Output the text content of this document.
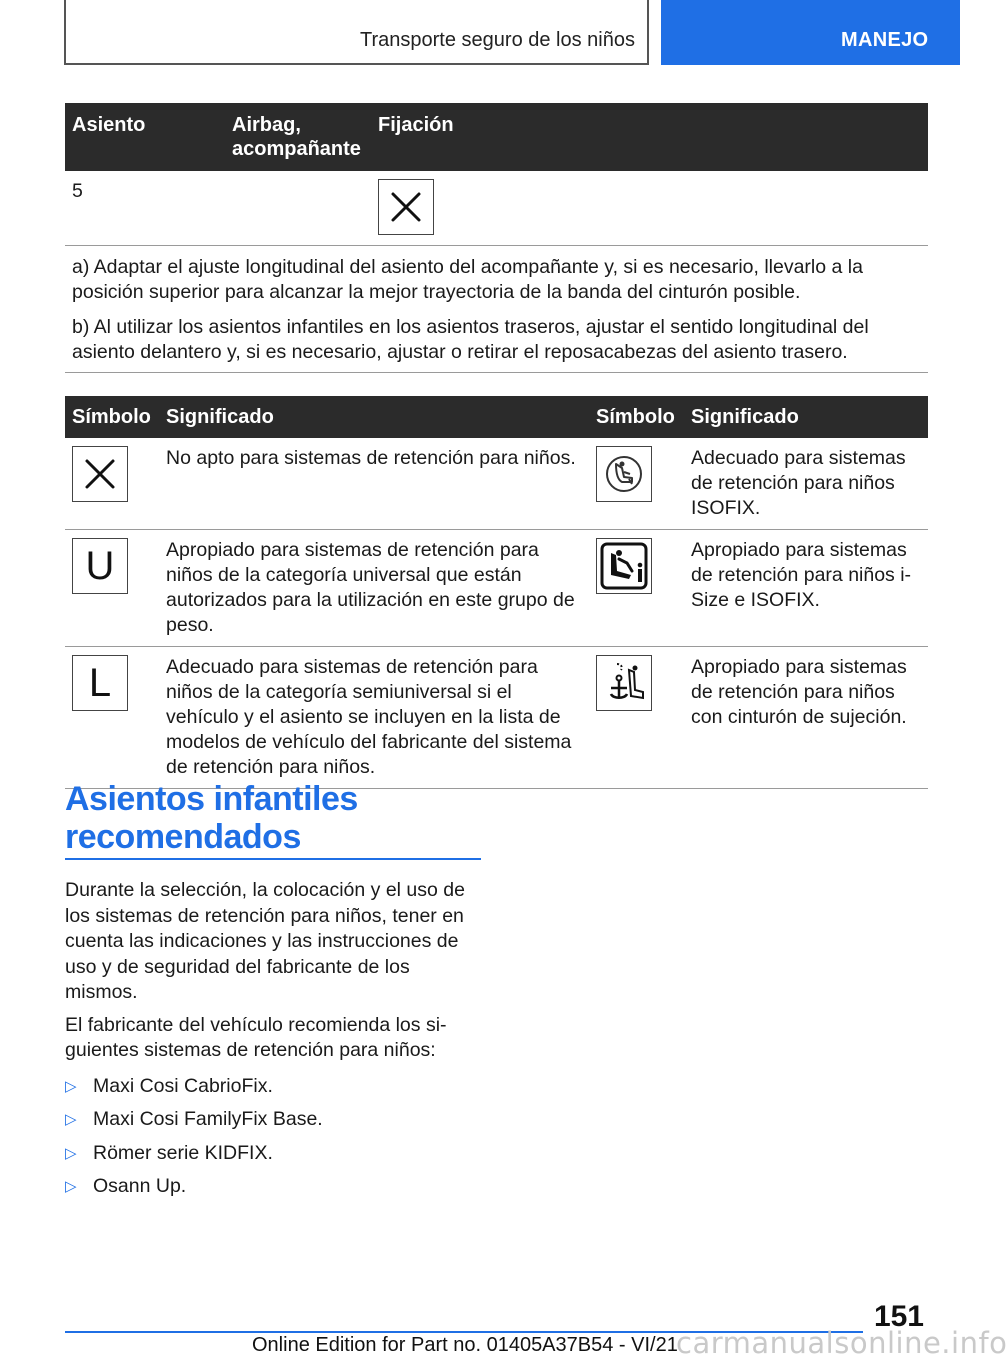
Transporte seguro de los niños	MANEJO
Asiento	Airbag, acompañante	Fijación
5		

a) Adaptar el ajuste longitudinal del asiento del acompañante y, si es necesario, llevarlo a la posición superior para alcanzar la mejor trayectoria de la banda del cinturón posible.
b) Al utilizar los asientos infantiles en los asientos traseros, ajustar el sentido longitudinal del asiento delantero y, si es necesario, ajustar o retirar el reposacabezas del asiento trasero.		
Símbolo	Significado	Símbolo	Significado

	No apto para sistemas de retención para niños.		Adecuado para sistemas de retención para niños ISOFIX.

U	Apropiado para sistemas de retención para niños de la categoría universal que están autorizados para la utilización en este grupo de peso.		Apropiado para sistemas de retención para niños i-Size e ISOFIX.

L	Adecuado para sistemas de retención para niños de la categoría semiuniversal si el vehículo y el asiento se incluyen en la lista de modelos de vehículo del fabricante del sistema de retención para niños.		Apropiado para sistemas de retención para niños con cinturón de sujeción.
Asientos infantiles
recomendados

Durante la selección, la colocación y el uso de los sistemas de retención para niños, tener en cuenta las indicaciones y las instrucciones de uso y de seguridad del fabricante de los mismos.

El fabricante del vehículo recomienda los si-guientes sistemas de retención para niños:

▷ Maxi Cosi CabrioFix.
▷ Maxi Cosi FamilyFix Base.
▷ Römer serie KIDFIX.
▷ Osann Up.
151
Online Edition for Part no. 01405A37B54 - VI/21
carmanualsonline.info
